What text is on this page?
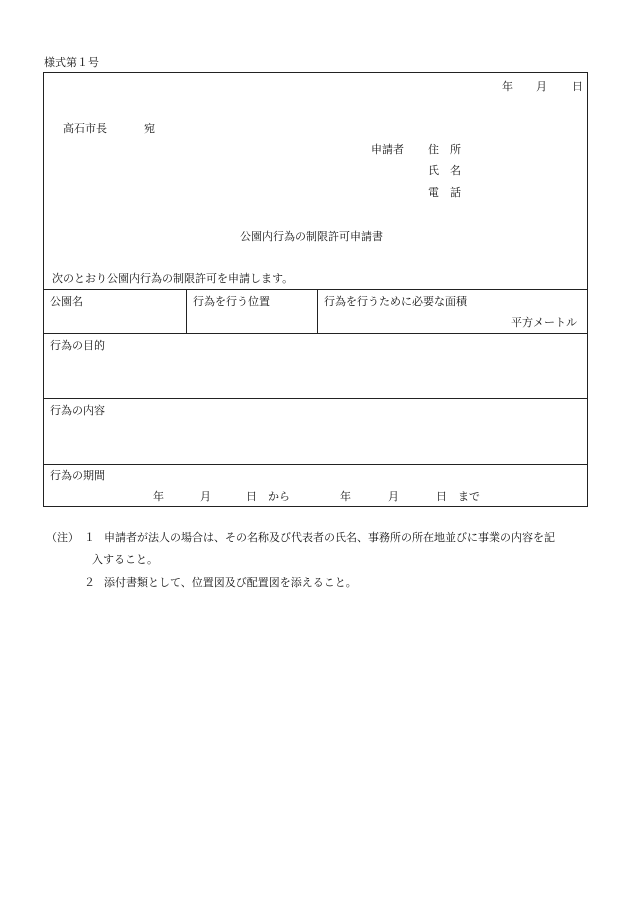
様式第１号
年 月 日
高石市長	宛
申請者 住　所
氏　名
電　話
公園内行為の制限許可申請書
次のとおり公園内行為の制限許可を申請します。
公園名	行為を行う位置	行為を行うために必要な面積
平方メートル
行為の目的
行為の内容
行為の期間
年	月	日 から	年	月	日 まで
（注） １ 申請者が法人の場合は、その名称及び代表者の氏名、事務所の所在地並びに事業の内容を記
入すること。
２ 添付書類として、位置図及び配置図を添えること。
